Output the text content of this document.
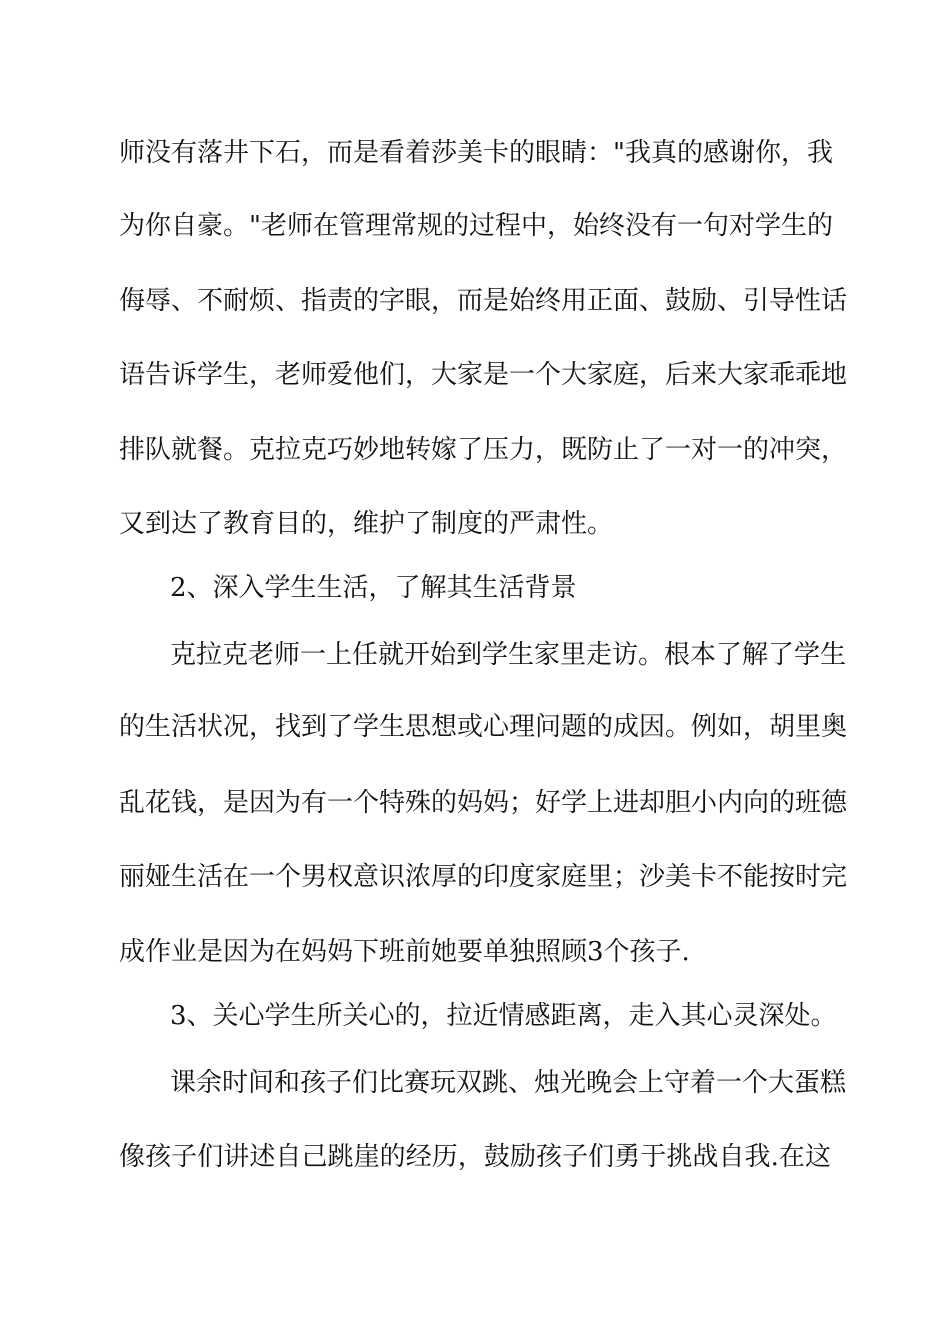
师没有落井下石，而是看着莎美卡的眼睛："我真的感谢你，我
为你自豪。"老师在管理常规的过程中，始终没有一句对学生的
侮辱、不耐烦、指责的字眼，而是始终用正面、鼓励、引导性话
语告诉学生，老师爱他们，大家是一个大家庭，后来大家乖乖地
排队就餐。克拉克巧妙地转嫁了压力，既防止了一对一的冲突，
又到达了教育目的，维护了制度的严肃性。
2、深入学生生活，了解其生活背景
克拉克老师一上任就开始到学生家里走访。根本了解了学生
的生活状况，找到了学生思想或心理问题的成因。例如，胡里奥
乱花钱，是因为有一个特殊的妈妈；好学上进却胆小内向的班德
丽娅生活在一个男权意识浓厚的印度家庭里；沙美卡不能按时完
成作业是因为在妈妈下班前她要单独照顾3个孩子.
3、关心学生所关心的，拉近情感距离，走入其心灵深处。
课余时间和孩子们比赛玩双跳、烛光晚会上守着一个大蛋糕
像孩子们讲述自己跳崖的经历，鼓励孩子们勇于挑战自我.在这
